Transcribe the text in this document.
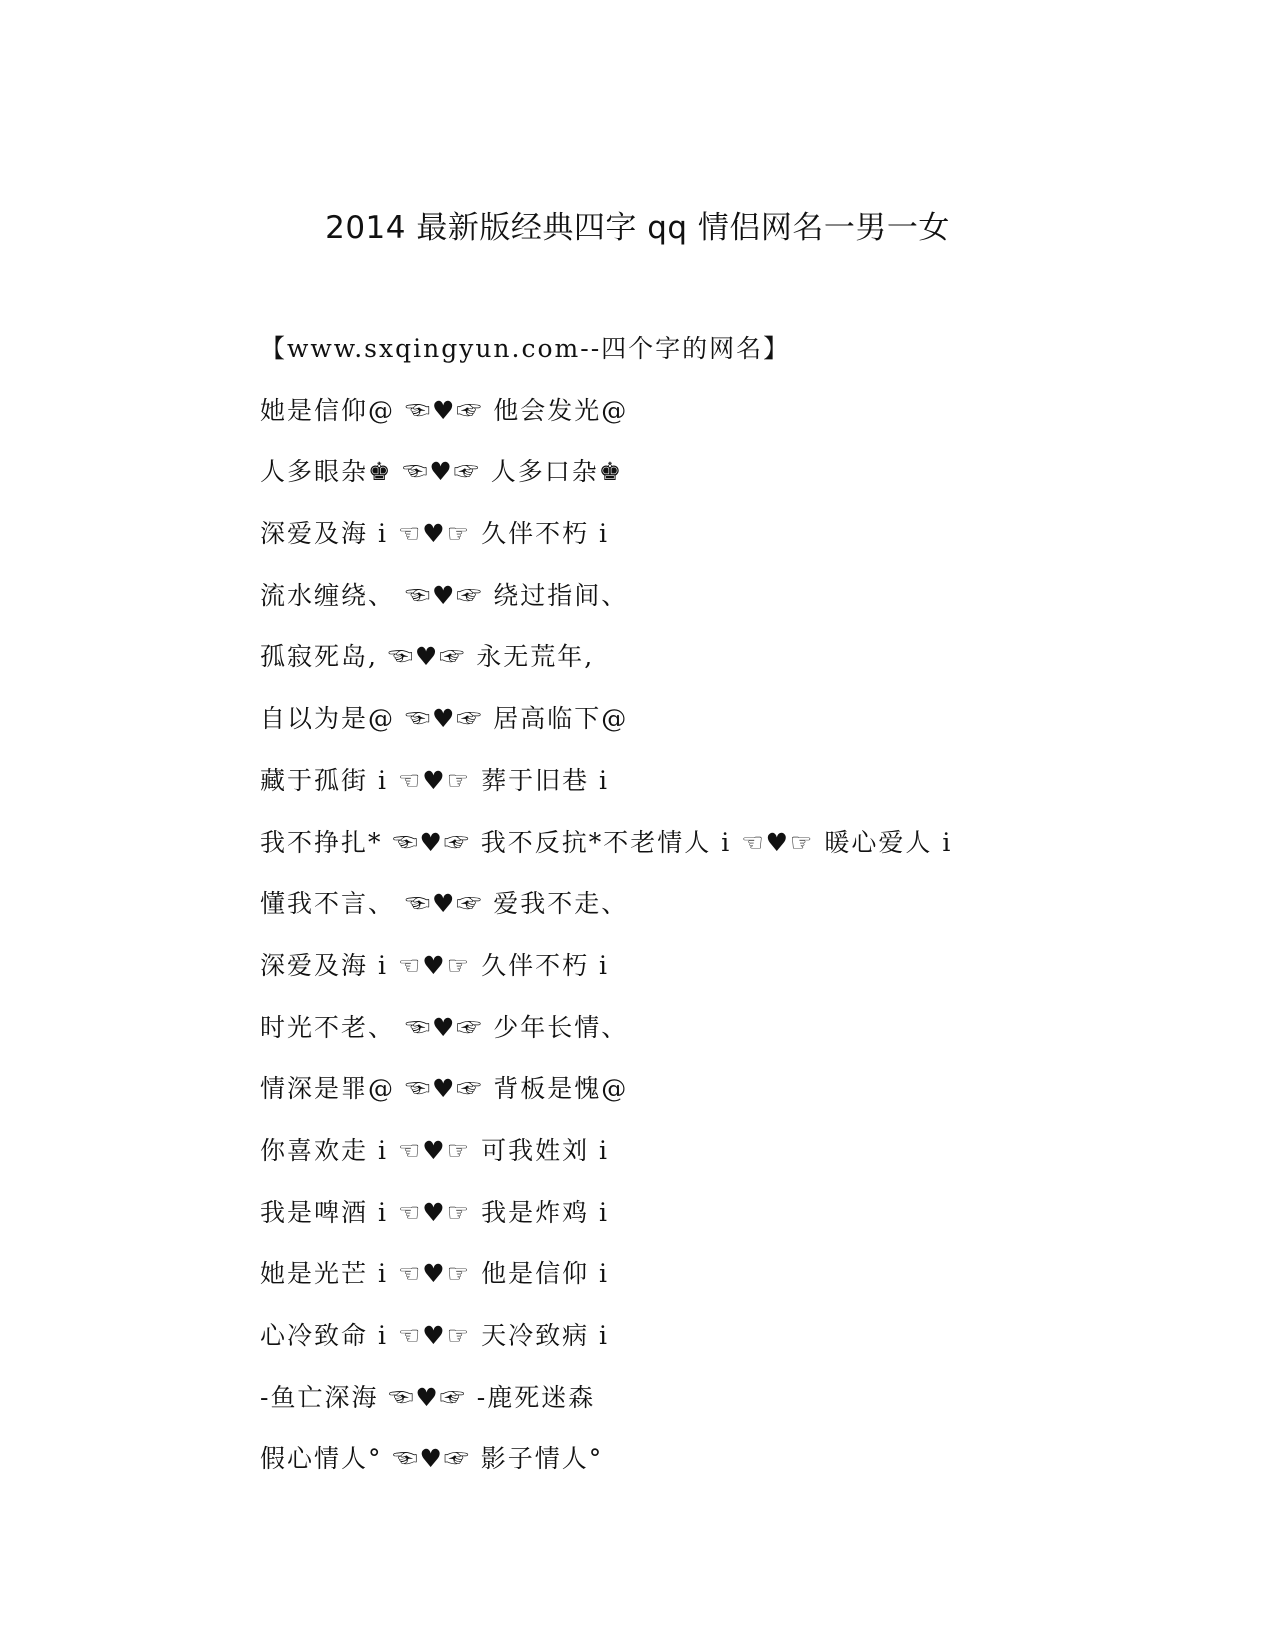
2014 最新版经典四字 qq 情侣网名一男一女
【www.sxqingyun.com--四个字的网名】
她是信仰@ ☜♥☞ 他会发光@
人多眼杂♚ ☜♥☞ 人多口杂♚
深爱及海 i ☜♥☞ 久伴不朽 i
流水缠绕、 ☜♥☞ 绕过指间、
孤寂死岛, ☜♥☞ 永无荒年,
自以为是@ ☜♥☞ 居高临下@
藏于孤街 i ☜♥☞ 葬于旧巷 i
我不挣扎* ☜♥☞ 我不反抗*不老情人 i ☜♥☞ 暖心爱人 i
懂我不言、 ☜♥☞ 爱我不走、
深爱及海 i ☜♥☞ 久伴不朽 i
时光不老、 ☜♥☞ 少年长情、
情深是罪@ ☜♥☞ 背板是愧@
你喜欢走 i ☜♥☞ 可我姓刘 i
我是啤酒 i ☜♥☞ 我是炸鸡 i
她是光芒 i ☜♥☞ 他是信仰 i
心冷致命 i ☜♥☞ 天冷致病 i
-鱼亡深海 ☜♥☞ -鹿死迷森
假心情人° ☜♥☞ 影子情人°
